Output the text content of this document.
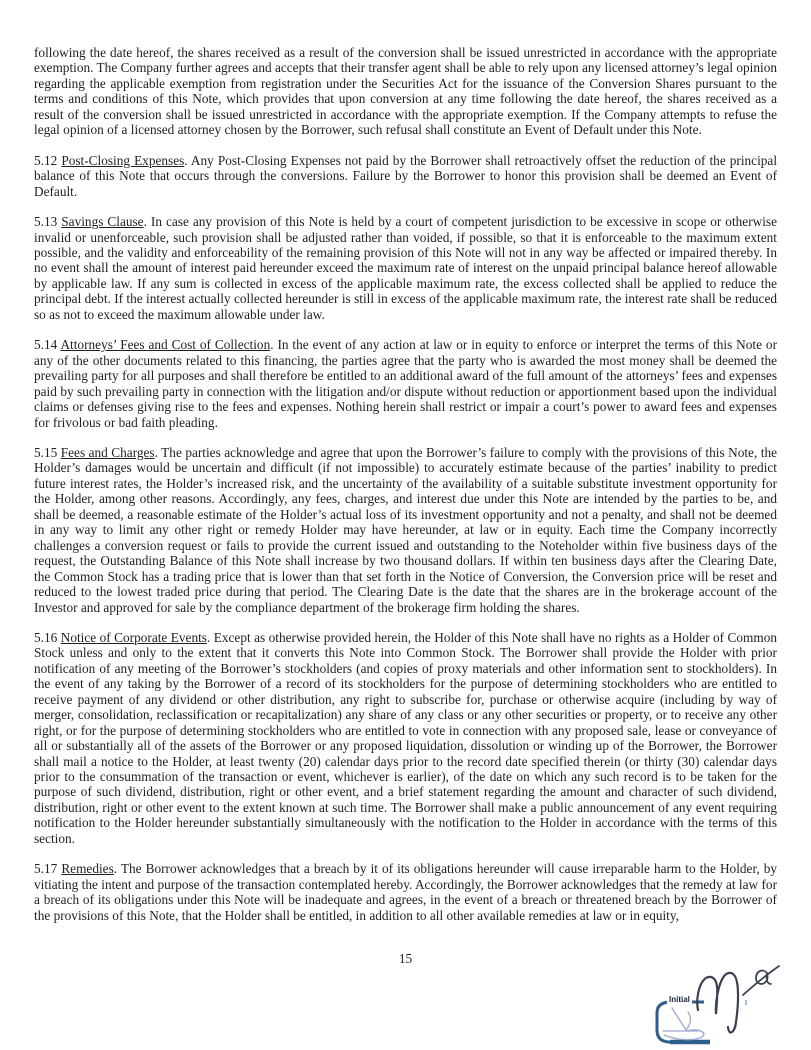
following the date hereof, the shares received as a result of the conversion shall be issued unrestricted in accordance with the appropriate exemption. The Company further agrees and accepts that their transfer agent shall be able to rely upon any licensed attorney’s legal opinion regarding the applicable exemption from registration under the Securities Act for the issuance of the Conversion Shares pursuant to the terms and conditions of this Note, which provides that upon conversion at any time following the date hereof, the shares received as a result of the conversion shall be issued unrestricted in accordance with the appropriate exemption. If the Company attempts to refuse the legal opinion of a licensed attorney chosen by the Borrower, such refusal shall constitute an Event of Default under this Note.

5.12 Post-Closing Expenses. Any Post-Closing Expenses not paid by the Borrower shall retroactively offset the reduction of the principal balance of this Note that occurs through the conversions. Failure by the Borrower to honor this provision shall be deemed an Event of Default.

5.13 Savings Clause. In case any provision of this Note is held by a court of competent jurisdiction to be excessive in scope or otherwise invalid or unenforceable, such provision shall be adjusted rather than voided, if possible, so that it is enforceable to the maximum extent possible, and the validity and enforceability of the remaining provision of this Note will not in any way be affected or impaired thereby. In no event shall the amount of interest paid hereunder exceed the maximum rate of interest on the unpaid principal balance hereof allowable by applicable law. If any sum is collected in excess of the applicable maximum rate, the excess collected shall be applied to reduce the principal debt. If the interest actually collected hereunder is still in excess of the applicable maximum rate, the interest rate shall be reduced so as not to exceed the maximum allowable under law.

5.14 Attorneys’ Fees and Cost of Collection. In the event of any action at law or in equity to enforce or interpret the terms of this Note or any of the other documents related to this financing, the parties agree that the party who is awarded the most money shall be deemed the prevailing party for all purposes and shall therefore be entitled to an additional award of the full amount of the attorneys’ fees and expenses paid by such prevailing party in connection with the litigation and/or dispute without reduction or apportionment based upon the individual claims or defenses giving rise to the fees and expenses. Nothing herein shall restrict or impair a court’s power to award fees and expenses for frivolous or bad faith pleading.

5.15 Fees and Charges. The parties acknowledge and agree that upon the Borrower’s failure to comply with the provisions of this Note, the Holder’s damages would be uncertain and difficult (if not impossible) to accurately estimate because of the parties’ inability to predict future interest rates, the Holder’s increased risk, and the uncertainty of the availability of a suitable substitute investment opportunity for the Holder, among other reasons. Accordingly, any fees, charges, and interest due under this Note are intended by the parties to be, and shall be deemed, a reasonable estimate of the Holder’s actual loss of its investment opportunity and not a penalty, and shall not be deemed in any way to limit any other right or remedy Holder may have hereunder, at law or in equity. Each time the Company incorrectly challenges a conversion request or fails to provide the current issued and outstanding to the Noteholder within five business days of the request, the Outstanding Balance of this Note shall increase by two thousand dollars. If within ten business days after the Clearing Date, the Common Stock has a trading price that is lower than that set forth in the Notice of Conversion, the Conversion price will be reset and reduced to the lowest traded price during that period. The Clearing Date is the date that the shares are in the brokerage account of the Investor and approved for sale by the compliance department of the brokerage firm holding the shares.

5.16 Notice of Corporate Events. Except as otherwise provided herein, the Holder of this Note shall have no rights as a Holder of Common Stock unless and only to the extent that it converts this Note into Common Stock. The Borrower shall provide the Holder with prior notification of any meeting of the Borrower’s stockholders (and copies of proxy materials and other information sent to stockholders). In the event of any taking by the Borrower of a record of its stockholders for the purpose of determining stockholders who are entitled to receive payment of any dividend or other distribution, any right to subscribe for, purchase or otherwise acquire (including by way of merger, consolidation, reclassification or recapitalization) any share of any class or any other securities or property, or to receive any other right, or for the purpose of determining stockholders who are entitled to vote in connection with any proposed sale, lease or conveyance of all or substantially all of the assets of the Borrower or any proposed liquidation, dissolution or winding up of the Borrower, the Borrower shall mail a notice to the Holder, at least twenty (20) calendar days prior to the record date specified therein (or thirty (30) calendar days prior to the consummation of the transaction or event, whichever is earlier), of the date on which any such record is to be taken for the purpose of such dividend, distribution, right or other event, and a brief statement regarding the amount and character of such dividend, distribution, right or other event to the extent known at such time. The Borrower shall make a public announcement of any event requiring notification to the Holder hereunder substantially simultaneously with the notification to the Holder in accordance with the terms of this section.

5.17 Remedies. The Borrower acknowledges that a breach by it of its obligations hereunder will cause irreparable harm to the Holder, by vitiating the intent and purpose of the transaction contemplated hereby. Accordingly, the Borrower acknowledges that the remedy at law for a breach of its obligations under this Note will be inadequate and agrees, in the event of a breach or threatened breach by the Borrower of the provisions of this Note, that the Holder shall be entitled, in addition to all other available remedies at law or in equity,

15
Initial
